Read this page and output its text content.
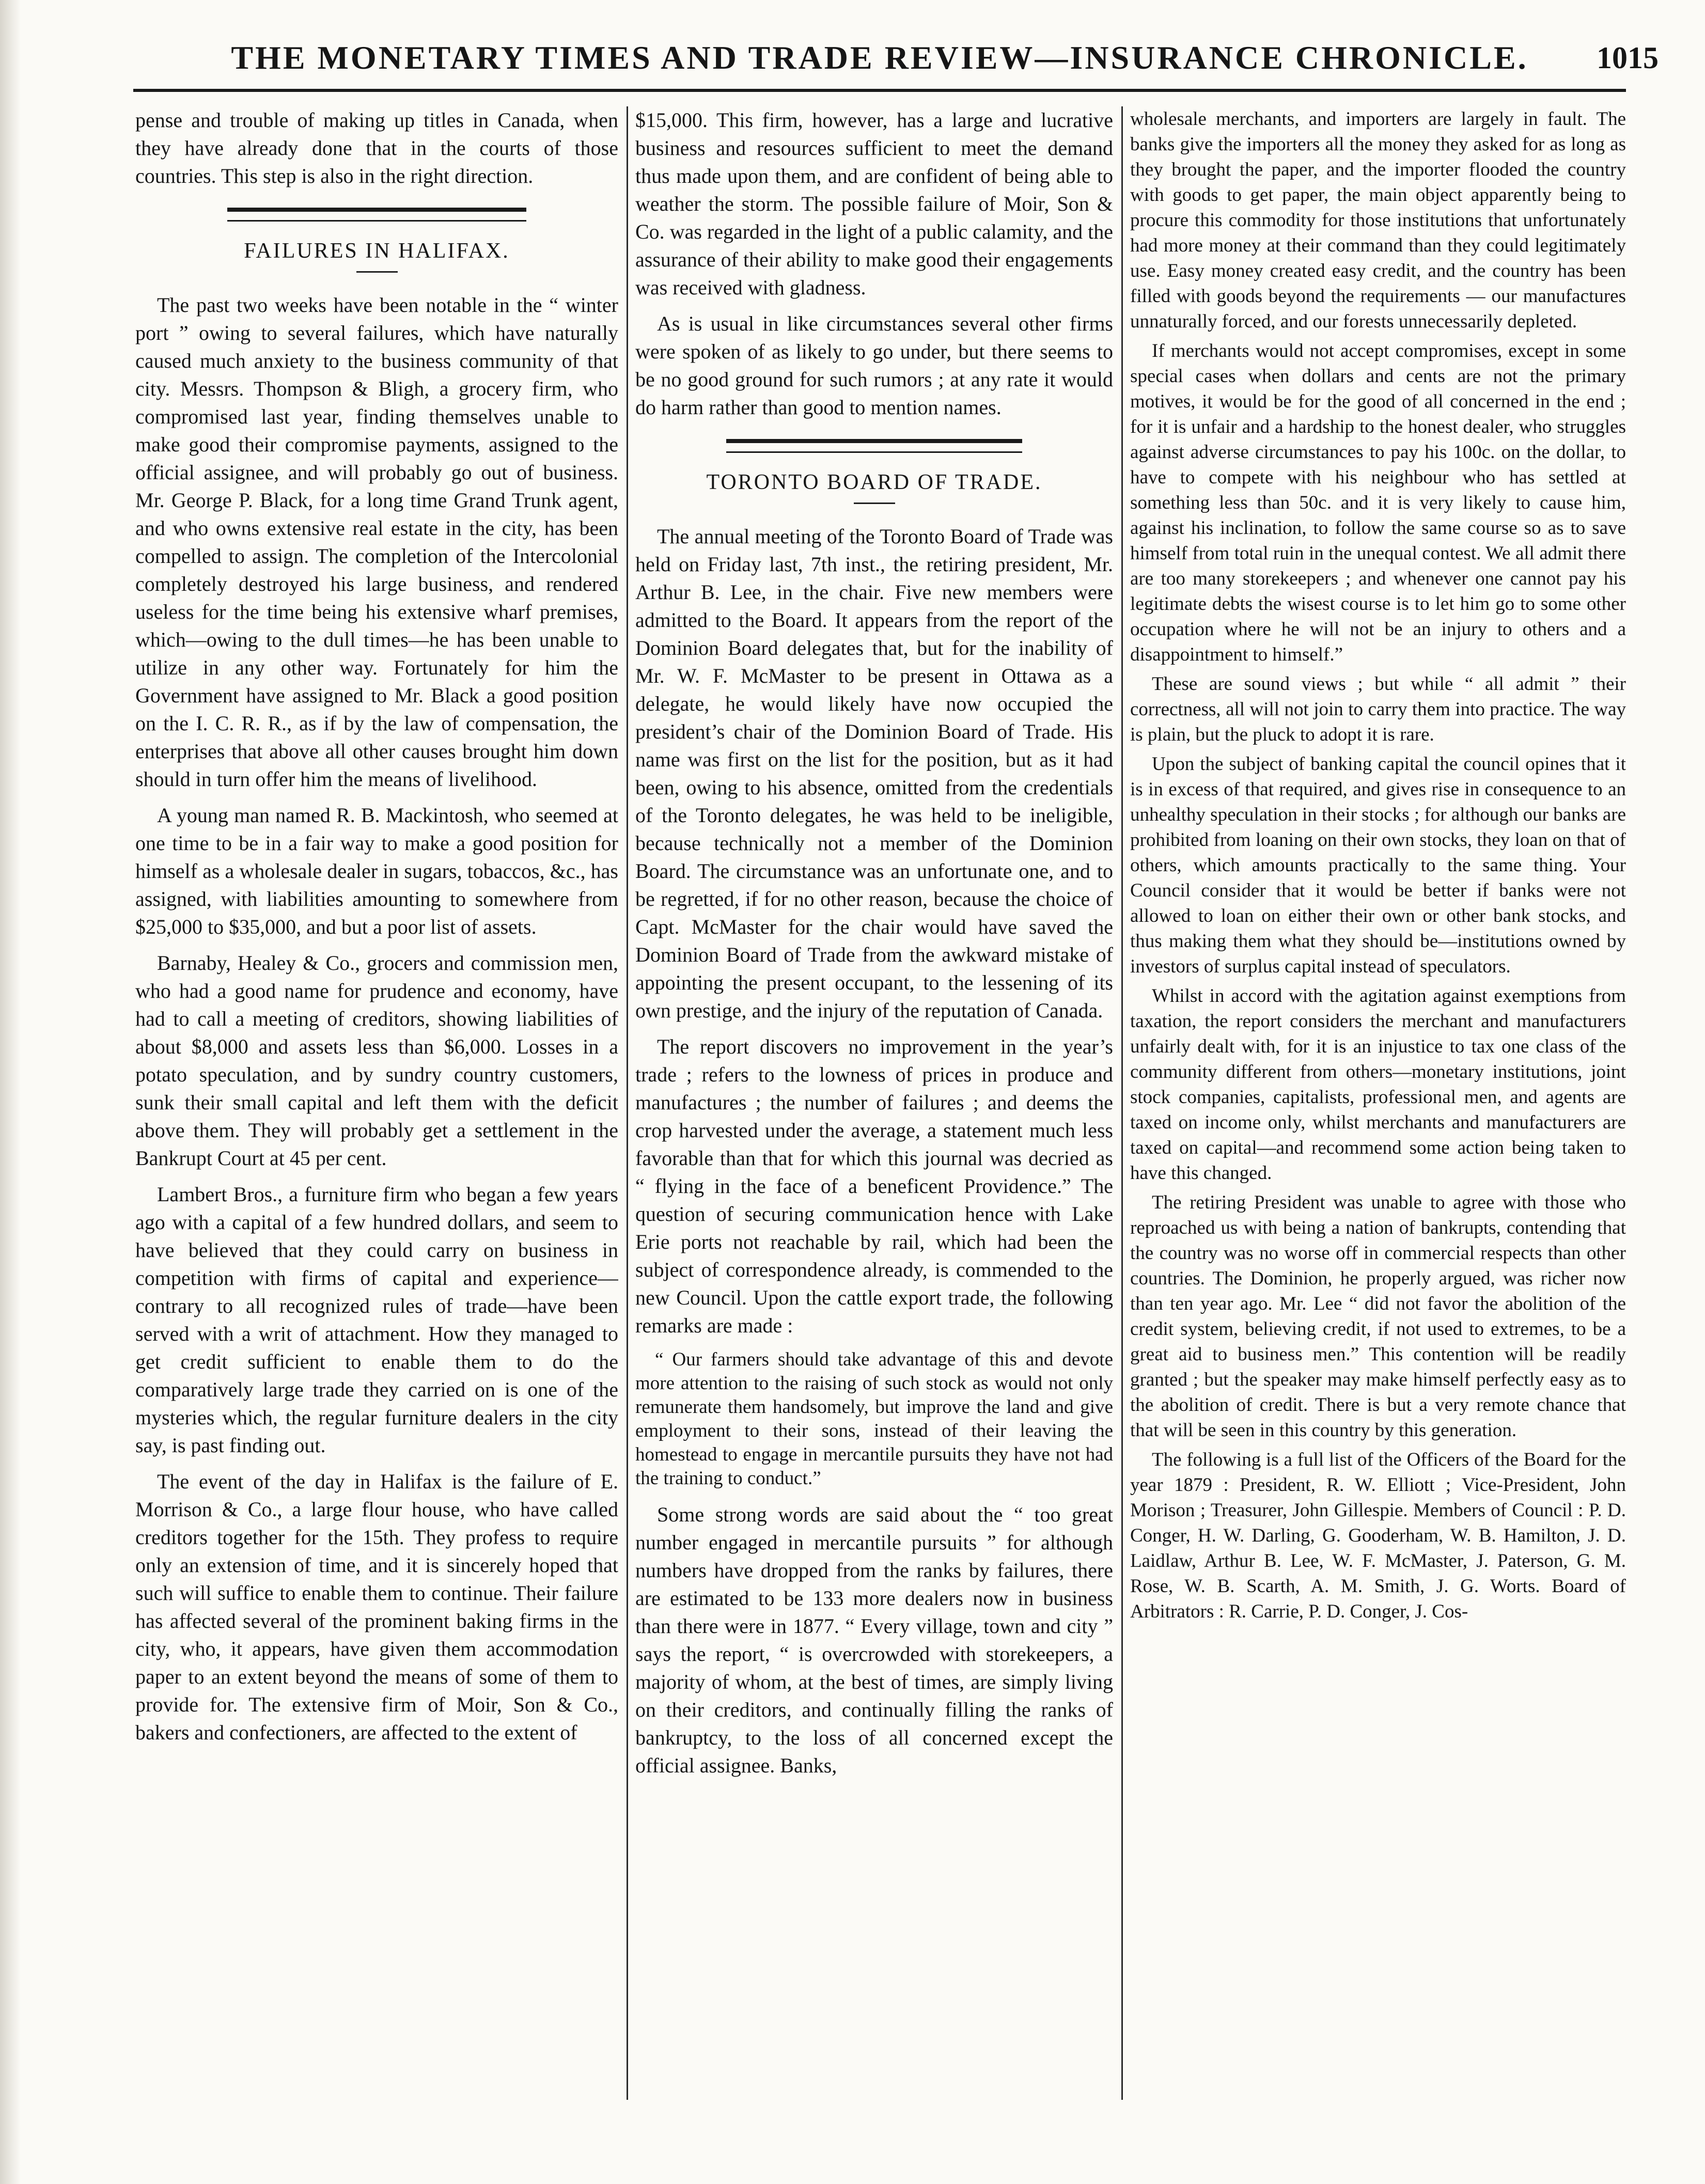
THE MONETARY TIMES AND TRADE REVIEW—INSURANCE CHRONICLE.	1015

pense and trouble of making up titles in Canada, when they have already done that in the courts of those countries. This step is also in the right direction.

FAILURES IN HALIFAX.

The past two weeks have been notable in the “ winter port ” owing to several failures, which have naturally caused much anxiety to the business community of that city. Messrs. Thompson & Bligh, a grocery firm, who compromised last year, finding themselves unable to make good their compromise payments, assigned to the official assignee, and will probably go out of business. Mr. George P. Black, for a long time Grand Trunk agent, and who owns extensive real estate in the city, has been compelled to assign. The completion of the Intercolonial completely destroyed his large business, and rendered useless for the time being his extensive wharf premises, which—owing to the dull times—he has been unable to utilize in any other way. Fortunately for him the Government have assigned to Mr. Black a good position on the I. C. R. R., as if by the law of compensation, the enterprises that above all other causes brought him down should in turn offer him the means of livelihood.

A young man named R. B. Mackintosh, who seemed at one time to be in a fair way to make a good position for himself as a wholesale dealer in sugars, tobaccos, &c., has assigned, with liabilities amounting to somewhere from $25,000 to $35,000, and but a poor list of assets.

Barnaby, Healey & Co., grocers and commission men, who had a good name for prudence and economy, have had to call a meeting of creditors, showing liabilities of about $8,000 and assets less than $6,000. Losses in a potato speculation, and by sundry country customers, sunk their small capital and left them with the deficit above them. They will probably get a settlement in the Bankrupt Court at 45 per cent.

Lambert Bros., a furniture firm who began a few years ago with a capital of a few hundred dollars, and seem to have believed that they could carry on business in competition with firms of capital and experience—contrary to all recognized rules of trade—have been served with a writ of attachment. How they managed to get credit sufficient to enable them to do the comparatively large trade they carried on is one of the mysteries which, the regular furniture dealers in the city say, is past finding out.

The event of the day in Halifax is the failure of E. Morrison & Co., a large flour house, who have called creditors together for the 15th. They profess to require only an extension of time, and it is sincerely hoped that such will suffice to enable them to continue. Their failure has affected several of the prominent baking firms in the city, who, it appears, have given them accommodation paper to an extent beyond the means of some of them to provide for. The extensive firm of Moir, Son & Co., bakers and confectioners, are affected to the extent of

$15,000. This firm, however, has a large and lucrative business and resources sufficient to meet the demand thus made upon them, and are confident of being able to weather the storm. The possible failure of Moir, Son & Co. was regarded in the light of a public calamity, and the assurance of their ability to make good their engagements was received with gladness.

As is usual in like circumstances several other firms were spoken of as likely to go under, but there seems to be no good ground for such rumors ; at any rate it would do harm rather than good to mention names.

TORONTO BOARD OF TRADE.

The annual meeting of the Toronto Board of Trade was held on Friday last, 7th inst., the retiring president, Mr. Arthur B. Lee, in the chair. Five new members were admitted to the Board. It appears from the report of the Dominion Board delegates that, but for the inability of Mr. W. F. McMaster to be present in Ottawa as a delegate, he would likely have now occupied the president’s chair of the Dominion Board of Trade. His name was first on the list for the position, but as it had been, owing to his absence, omitted from the credentials of the Toronto delegates, he was held to be ineligible, because technically not a member of the Dominion Board. The circumstance was an unfortunate one, and to be regretted, if for no other reason, because the choice of Capt. McMaster for the chair would have saved the Dominion Board of Trade from the awkward mistake of appointing the present occupant, to the lessening of its own prestige, and the injury of the reputation of Canada.

The report discovers no improvement in the year’s trade ; refers to the lowness of prices in produce and manufactures ; the number of failures ; and deems the crop harvested under the average, a statement much less favorable than that for which this journal was decried as “ flying in the face of a beneficent Providence.” The question of securing communication hence with Lake Erie ports not reachable by rail, which had been the subject of correspondence already, is commended to the new Council. Upon the cattle export trade, the following remarks are made :

“ Our farmers should take advantage of this and devote more attention to the raising of such stock as would not only remunerate them handsomely, but improve the land and give employment to their sons, instead of their leaving the homestead to engage in mercantile pursuits they have not had the training to conduct.”

Some strong words are said about the “ too great number engaged in mercantile pursuits ” for although numbers have dropped from the ranks by failures, there are estimated to be 133 more dealers now in business than there were in 1877. “ Every village, town and city ” says the report, “ is overcrowded with storekeepers, a majority of whom, at the best of times, are simply living on their creditors, and continually filling the ranks of bankruptcy, to the loss of all concerned except the official assignee. Banks,

wholesale merchants, and importers are largely in fault. The banks give the importers all the money they asked for as long as they brought the paper, and the importer flooded the country with goods to get paper, the main object apparently being to procure this commodity for those institutions that unfortunately had more money at their command than they could legitimately use. Easy money created easy credit, and the country has been filled with goods beyond the requirements — our manufactures unnaturally forced, and our forests unnecessarily depleted.

If merchants would not accept compromises, except in some special cases when dollars and cents are not the primary motives, it would be for the good of all concerned in the end ; for it is unfair and a hardship to the honest dealer, who struggles against adverse circumstances to pay his 100c. on the dollar, to have to compete with his neighbour who has settled at something less than 50c. and it is very likely to cause him, against his inclination, to follow the same course so as to save himself from total ruin in the unequal contest. We all admit there are too many storekeepers ; and whenever one cannot pay his legitimate debts the wisest course is to let him go to some other occupation where he will not be an injury to others and a disappointment to himself.”

These are sound views ; but while “ all admit ” their correctness, all will not join to carry them into practice. The way is plain, but the pluck to adopt it is rare.

Upon the subject of banking capital the council opines that it is in excess of that required, and gives rise in consequence to an unhealthy speculation in their stocks ; for although our banks are prohibited from loaning on their own stocks, they loan on that of others, which amounts practically to the same thing. Your Council consider that it would be better if banks were not allowed to loan on either their own or other bank stocks, and thus making them what they should be—institutions owned by investors of surplus capital instead of speculators.

Whilst in accord with the agitation against exemptions from taxation, the report considers the merchant and manufacturers unfairly dealt with, for it is an injustice to tax one class of the community different from others—monetary institutions, joint stock companies, capitalists, professional men, and agents are taxed on income only, whilst merchants and manufacturers are taxed on capital—and recommend some action being taken to have this changed.

The retiring President was unable to agree with those who reproached us with being a nation of bankrupts, contending that the country was no worse off in commercial respects than other countries. The Dominion, he properly argued, was richer now than ten year ago. Mr. Lee “ did not favor the abolition of the credit system, believing credit, if not used to extremes, to be a great aid to business men.” This contention will be readily granted ; but the speaker may make himself perfectly easy as to the abolition of credit. There is but a very remote chance that that will be seen in this country by this generation.

The following is a full list of the Officers of the Board for the year 1879 : President, R. W. Elliott ; Vice-President, John Morison ; Treasurer, John Gillespie. Members of Council : P. D. Conger, H. W. Darling, G. Gooderham, W. B. Hamilton, J. D. Laidlaw, Arthur B. Lee, W. F. McMaster, J. Paterson, G. M. Rose, W. B. Scarth, A. M. Smith, J. G. Worts. Board of Arbitrators : R. Carrie, P. D. Conger, J. Cos-
